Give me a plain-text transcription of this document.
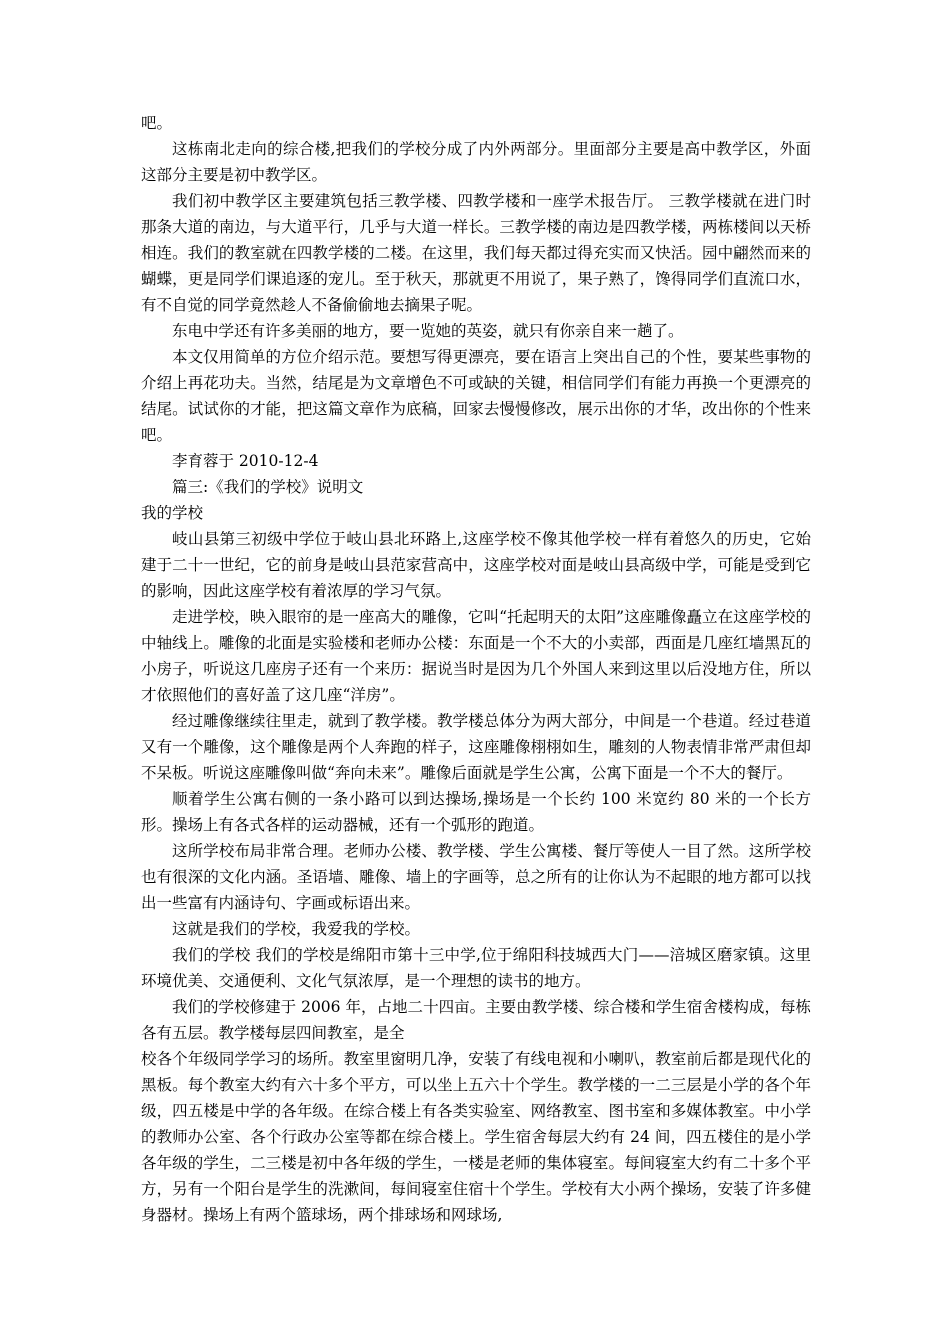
吧。

这栋南北走向的综合楼,把我们的学校分成了内外两部分。里面部分主要是高中教学区，外面这部分主要是初中教学区。

我们初中教学区主要建筑包括三教学楼、四教学楼和一座学术报告厅。 三教学楼就在进门时那条大道的南边，与大道平行，几乎与大道一样长。三教学楼的南边是四教学楼，两栋楼间以天桥相连。我们的教室就在四教学楼的二楼。在这里，我们每天都过得充实而又快活。园中翩然而来的蝴蝶，更是同学们课追逐的宠儿。至于秋天，那就更不用说了，果子熟了，馋得同学们直流口水，有不自觉的同学竟然趁人不备偷偷地去摘果子呢。

东电中学还有许多美丽的地方，要一览她的英姿，就只有你亲自来一趟了。

本文仅用简单的方位介绍示范。要想写得更漂亮，要在语言上突出自己的个性，要某些事物的介绍上再花功夫。当然，结尾是为文章增色不可或缺的关键，相信同学们有能力再换一个更漂亮的结尾。试试你的才能，把这篇文章作为底稿，回家去慢慢修改，展示出你的才华，改出你的个性来吧。

李育蓉于 2010-12-4

篇三:《我们的学校》说明文

我的学校

岐山县第三初级中学位于岐山县北环路上,这座学校不像其他学校一样有着悠久的历史，它始建于二十一世纪，它的前身是岐山县范家营高中，这座学校对面是岐山县高级中学，可能是受到它的影响，因此这座学校有着浓厚的学习气氛。

走进学校，映入眼帘的是一座高大的雕像，它叫“托起明天的太阳”这座雕像矗立在这座学校的中轴线上。雕像的北面是实验楼和老师办公楼：东面是一个不大的小卖部，西面是几座红墙黑瓦的小房子，听说这几座房子还有一个来历：据说当时是因为几个外国人来到这里以后没地方住，所以才依照他们的喜好盖了这几座“洋房”。

经过雕像继续往里走，就到了教学楼。教学楼总体分为两大部分，中间是一个巷道。经过巷道又有一个雕像，这个雕像是两个人奔跑的样子，这座雕像栩栩如生，雕刻的人物表情非常严肃但却不呆板。听说这座雕像叫做“奔向未来”。雕像后面就是学生公寓，公寓下面是一个不大的餐厅。

顺着学生公寓右侧的一条小路可以到达操场,操场是一个长约 100 米宽约 80 米的一个长方形。操场上有各式各样的运动器械，还有一个弧形的跑道。

这所学校布局非常合理。老师办公楼、教学楼、学生公寓楼、餐厅等使人一目了然。这所学校也有很深的文化内涵。圣语墙、雕像、墙上的字画等，总之所有的让你认为不起眼的地方都可以找出一些富有内涵诗句、字画或标语出来。

这就是我们的学校，我爱我的学校。

我们的学校 我们的学校是绵阳市第十三中学,位于绵阳科技城西大门——涪城区磨家镇。这里环境优美、交通便利、文化气氛浓厚，是一个理想的读书的地方。

我们的学校修建于 2006 年，占地二十四亩。主要由教学楼、综合楼和学生宿舍楼构成，每栋各有五层。教学楼每层四间教室，是全

校各个年级同学学习的场所。教室里窗明几净，安装了有线电视和小喇叭，教室前后都是现代化的黑板。每个教室大约有六十多个平方，可以坐上五六十个学生。教学楼的一二三层是小学的各个年级，四五楼是中学的各年级。在综合楼上有各类实验室、网络教室、图书室和多媒体教室。中小学的教师办公室、各个行政办公室等都在综合楼上。学生宿舍每层大约有 24 间，四五楼住的是小学各年级的学生，二三楼是初中各年级的学生，一楼是老师的集体寝室。每间寝室大约有二十多个平方，另有一个阳台是学生的洗漱间，每间寝室住宿十个学生。学校有大小两个操场，安装了许多健身器材。操场上有两个篮球场，两个排球场和网球场,
